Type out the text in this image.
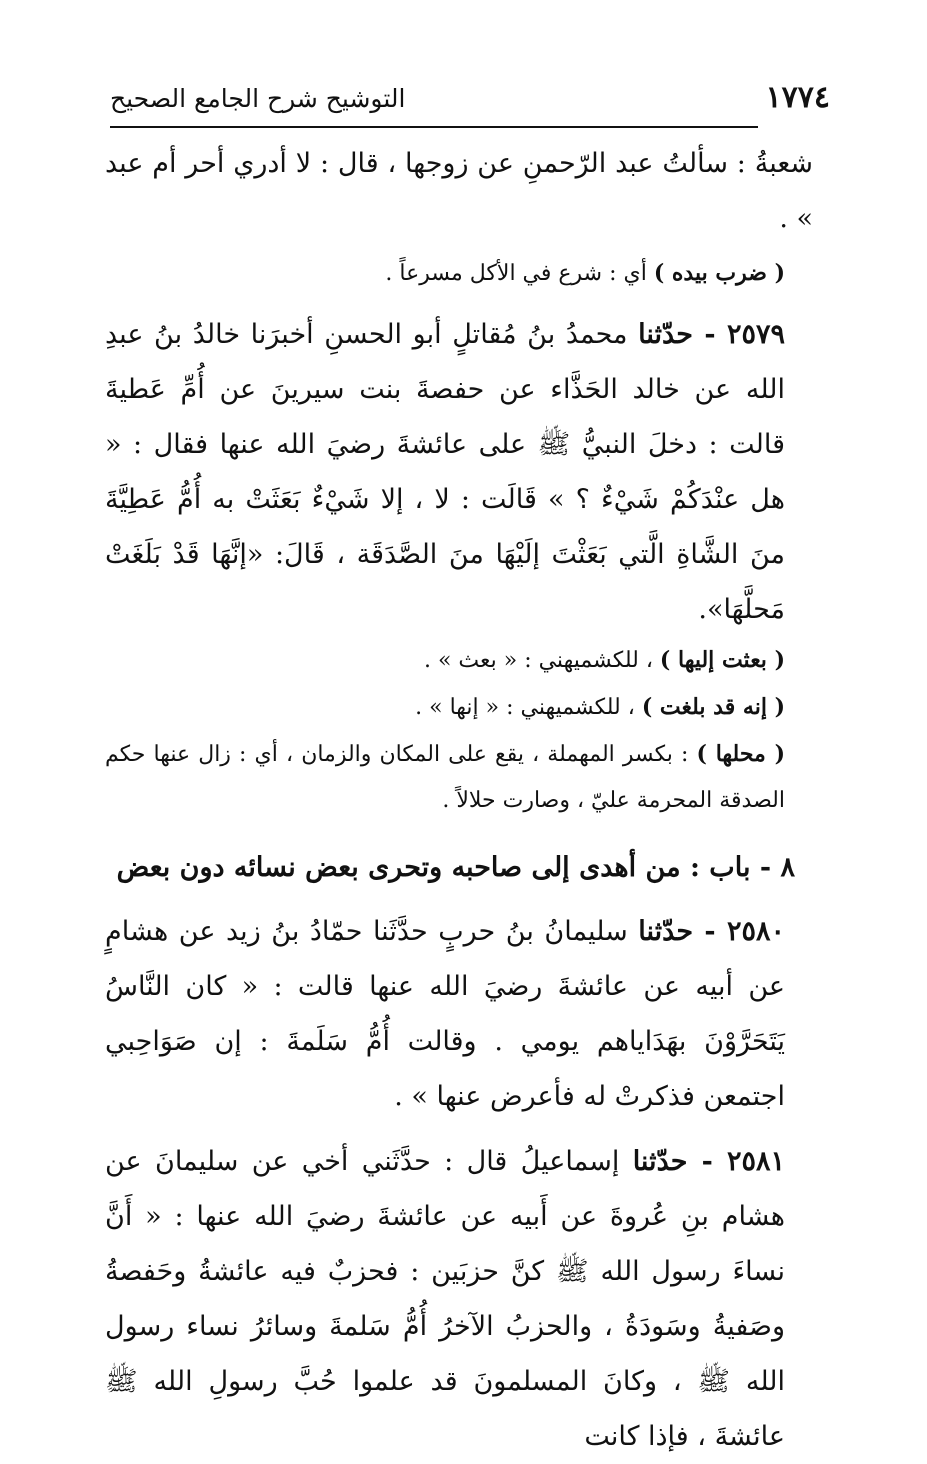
١٧٧٤
التوشيح شرح الجامع الصحيح

شعبةُ : سألتُ عبد الرّحمنِ عن زوجها ، قال : لا أدري أحر أم عبد » .

( ضرب بيده ) أي : شرع في الأكل مسرعاً .

٢٥٧٩ - حدّثنا محمدُ بنُ مُقاتلٍ أبو الحسنِ أخبرَنا خالدُ بنُ عبدِ الله عن خالد الحَذَّاء عن حفصةَ بنت سيرينَ عن أُمِّ عَطيةَ قالت : دخلَ النبيُّ ﷺ على عائشةَ رضيَ الله عنها فقال : « هل عنْدَكُمْ شَيْءٌ ؟ » قَالَت : لا ، إلا شَيْءٌ بَعَثَتْ به أُمُّ عَطِيَّةَ منَ الشَّاةِ الَّتي بَعَثْتَ إلَيْهَا منَ الصَّدَقَة ، قَالَ: «إنَّهَا قَدْ بَلَغَتْ مَحلَّهَا».

( بعثت إليها ) ، للكشميهني : « بعث » .

( إنه قد بلغت ) ، للكشميهني : « إنها » .

( محلها ) : بكسر المهملة ، يقع على المكان والزمان ، أي : زال عنها حكم الصدقة المحرمة عليّ ، وصارت حلالاً .

٨ - باب : من أهدى إلى صاحبه وتحرى بعض نسائه دون بعض

٢٥٨٠ - حدّثنا سليمانُ بنُ حربٍ حدَّثَنا حمّادُ بنُ زيد عن هشامٍ عن أبيه عن عائشةَ رضيَ الله عنها قالت : « كان النَّاسُ يَتَحَرَّوْنَ بهَدَاياهم يومي . وقالت أُمُّ سَلَمةَ : إن صَوَاحِبي اجتمعن فذكرتْ له فأعرض عنها » .

٢٥٨١ - حدّثنا إسماعيلُ قال : حدَّثَني أخي عن سليمانَ عن هشام بنِ عُروةَ عن أَبيه عن عائشةَ رضيَ الله عنها : « أَنَّ نساءَ رسول الله ﷺ كنَّ حزبَين : فحزبٌ فيه عائشةُ وحَفصةُ وصَفيةُ وسَودَةُ ، والحزبُ الآخرُ أُمُّ سَلمةَ وسائرُ نساء رسول الله ﷺ ، وكانَ المسلمونَ قد علموا حُبَّ رسولِ الله ﷺ عائشةَ ، فإذا كانت
